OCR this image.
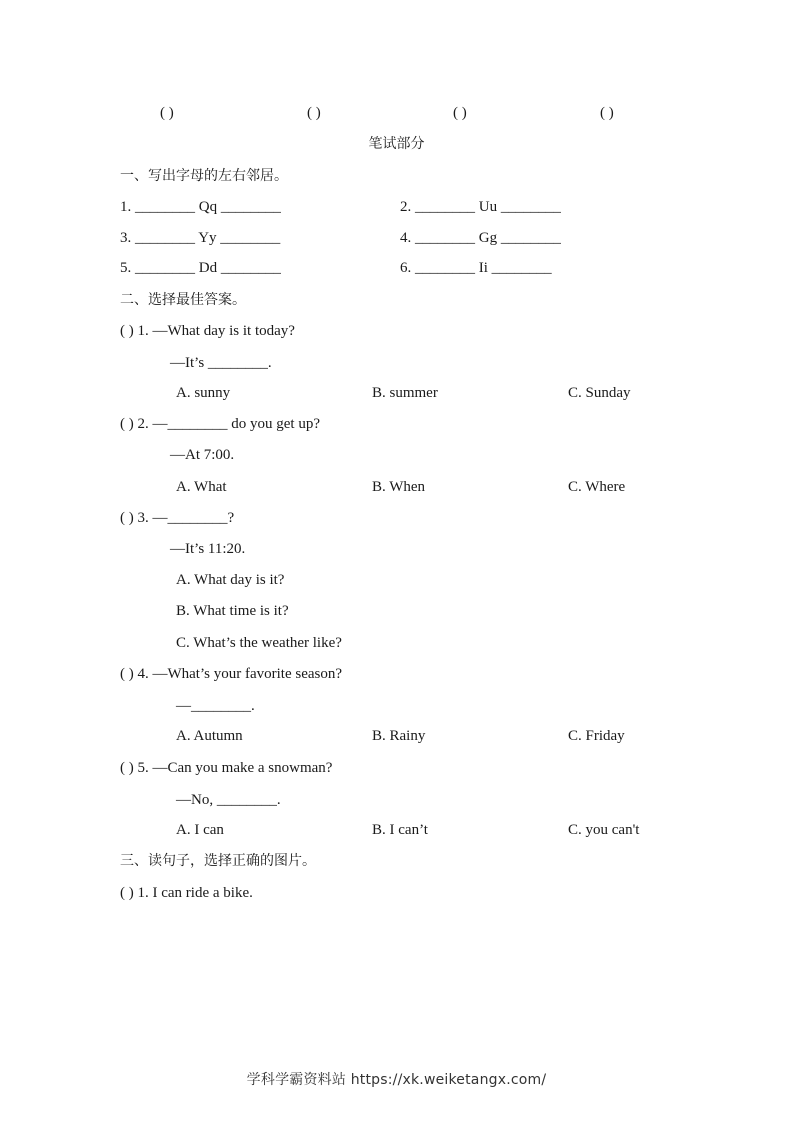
( )	( )	( )	( )
笔试部分
一、写出字母的左右邻居。
1. ________ Qq ________	2. ________ Uu ________
3. ________ Yy ________	4. ________ Gg ________
5. ________ Dd ________	6. ________ Ii ________
二、选择最佳答案。
( ) 1. —What day is it today?
—It’s ________.
A. sunny	B. summer	C. Sunday
( ) 2. —________ do you get up?
—At 7:00.
A. What	B. When	C. Where
( ) 3. —________?
—It’s 11:20.
A. What day is it?
B. What time is it?
C. What’s the weather like?
( ) 4. —What’s your favorite season?
—________.
A. Autumn	B. Rainy	C. Friday
( ) 5. —Can you make a snowman?
—No, ________.
A. I can	B. I can’t	C. you can't
三、读句子，选择正确的图片。
( ) 1. I can ride a bike.
学科学霸资料站 https://xk.weiketangx.com/
